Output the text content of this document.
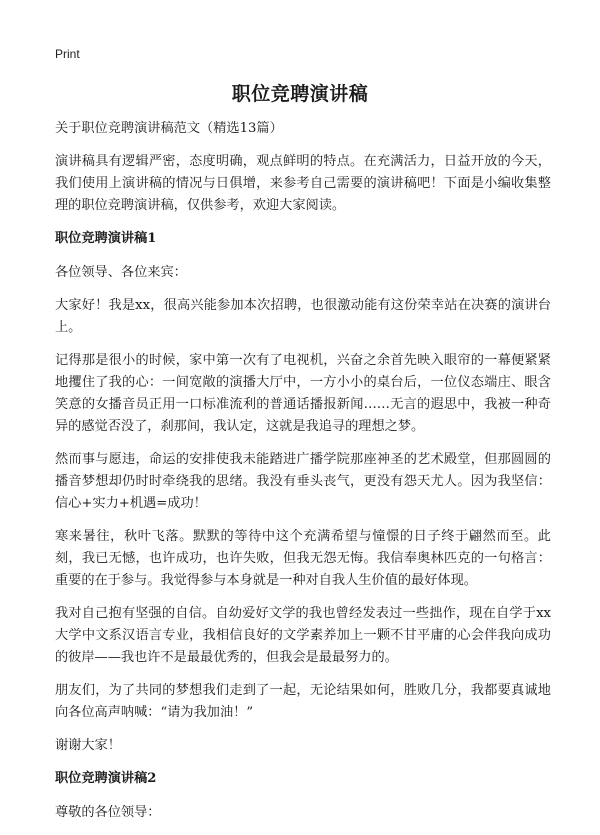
Print
职位竞聘演讲稿

关于职位竞聘演讲稿范文（精选13篇）

演讲稿具有逻辑严密，态度明确，观点鲜明的特点。在充满活力，日益开放的今天，我们使用上演讲稿的情况与日俱增，来参考自己需要的演讲稿吧！下面是小编收集整理的职位竞聘演讲稿，仅供参考，欢迎大家阅读。

职位竞聘演讲稿1

各位领导、各位来宾：

大家好！我是xx，很高兴能参加本次招聘，也很激动能有这份荣幸站在决赛的演讲台上。

记得那是很小的时候，家中第一次有了电视机，兴奋之余首先映入眼帘的一幕便紧紧地攫住了我的心：一间宽敞的演播大厅中，一方小小的桌台后，一位仪态端庄、眼含笑意的女播音员正用一口标准流利的普通话播报新闻……无言的遐思中，我被一种奇异的感觉否没了，刹那间，我认定，这就是我追寻的理想之梦。

然而事与愿违，命运的安排使我未能踏进广播学院那座神圣的艺术殿堂，但那圆圆的播音梦想却仍时时牵绕我的思绪。我没有垂头丧气，更没有怨天尤人。因为我坚信：信心+实力+机遇=成功！

寒来暑往，秋叶飞落。默默的等待中这个充满希望与憧憬的日子终于翩然而至。此刻，我已无憾，也许成功，也许失败，但我无怨无悔。我信奉奥林匹克的一句格言：重要的在于参与。我觉得参与本身就是一种对自我人生价值的最好体现。

我对自己抱有坚强的自信。自幼爱好文学的我也曾经发表过一些拙作，现在自学于xx大学中文系汉语言专业，我相信良好的文学素养加上一颗不甘平庸的心会伴我向成功的彼岸——我也许不是最最优秀的，但我会是最最努力的。

朋友们，为了共同的梦想我们走到了一起，无论结果如何，胜败几分，我都要真诚地向各位高声呐喊：“请为我加油！”

谢谢大家！

职位竞聘演讲稿2

尊敬的各位领导：
